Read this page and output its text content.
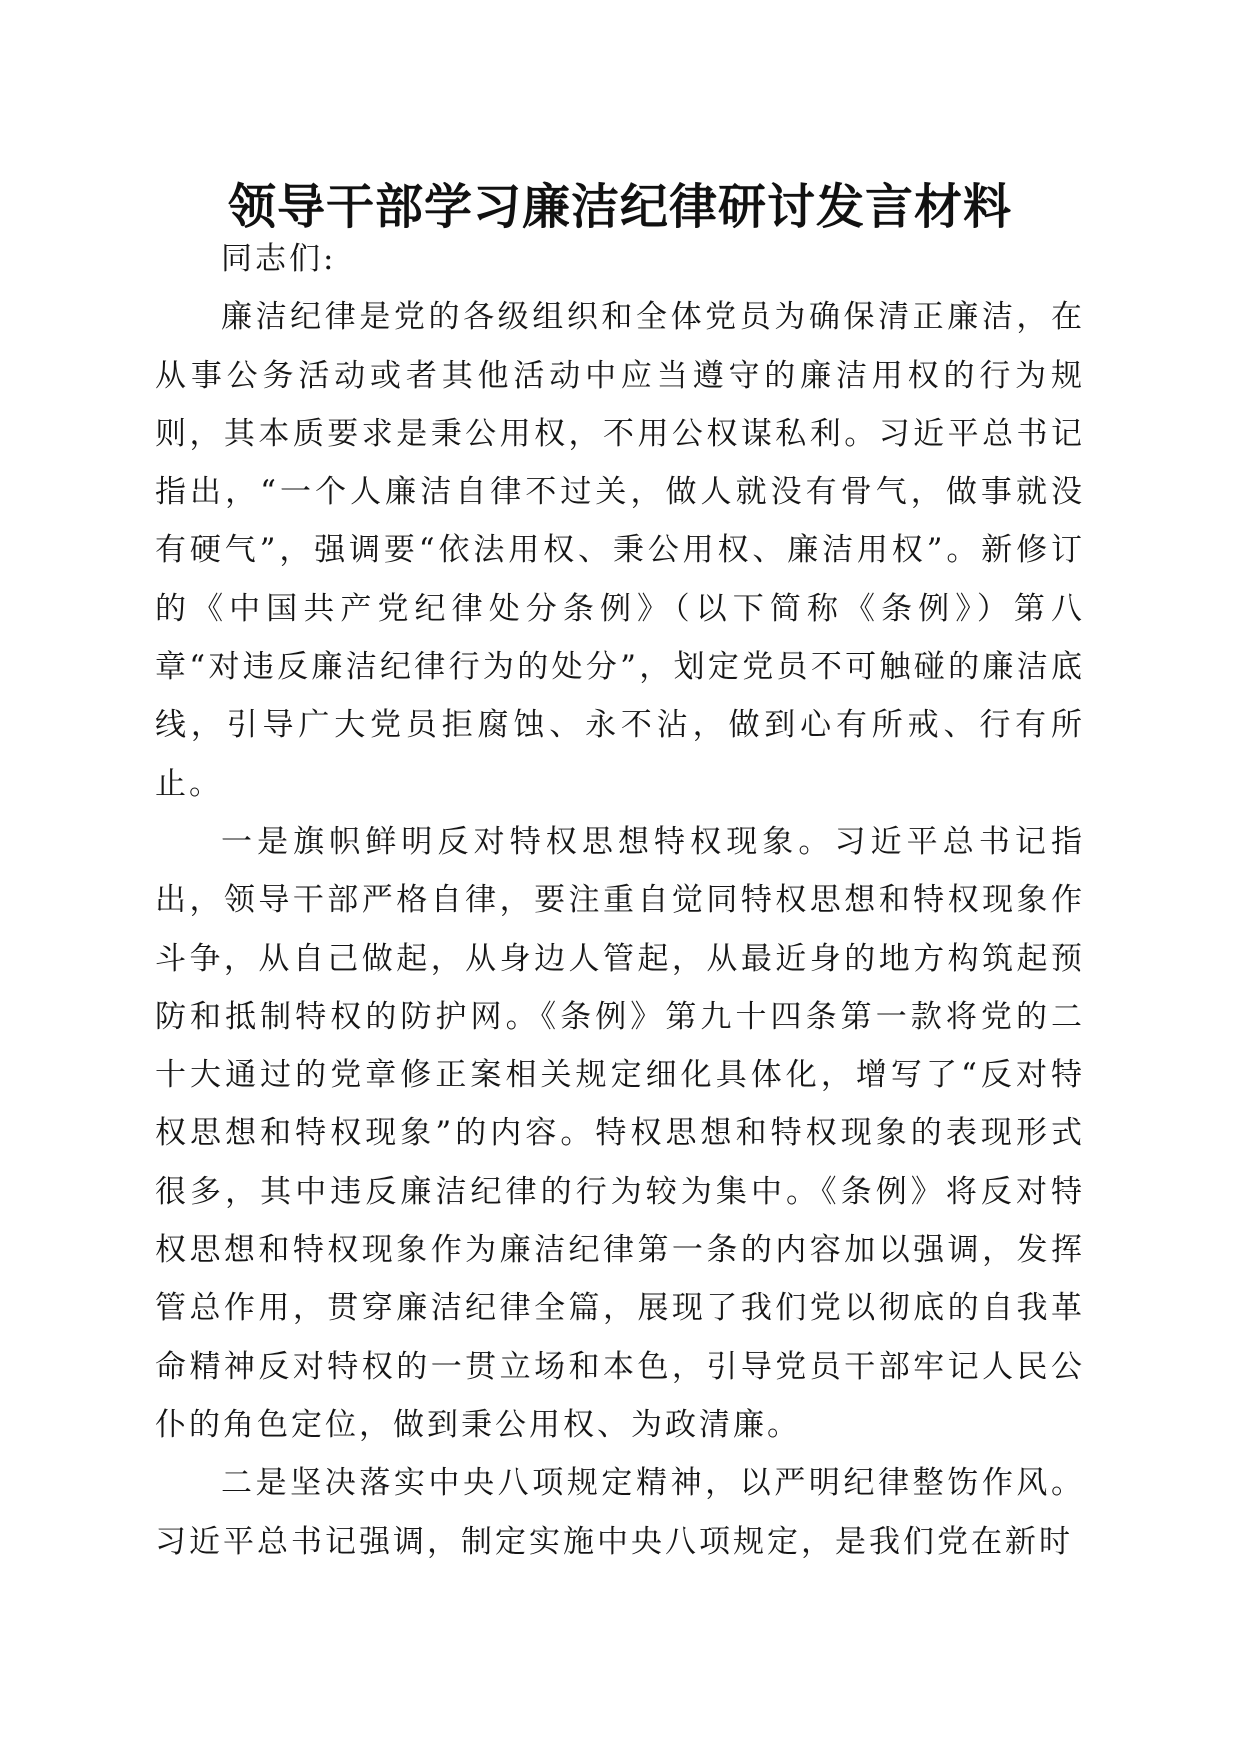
领导干部学习廉洁纪律研讨发言材料

同志们:

廉洁纪律是党的各级组织和全体党员为确保清正廉洁，在从事公务活动或者其他活动中应当遵守的廉洁用权的行为规则，其本质要求是秉公用权，不用公权谋私利。习近平总书记指出，“一个人廉洁自律不过关，做人就没有骨气，做事就没有硬气”，强调要“依法用权、秉公用权、廉洁用权”。新修订的《中国共产党纪律处分条例》（以下简称《条例》）第八章“对违反廉洁纪律行为的处分”，划定党员不可触碰的廉洁底线，引导广大党员拒腐蚀、永不沾，做到心有所戒、行有所止。

一是旗帜鲜明反对特权思想特权现象。习近平总书记指出，领导干部严格自律，要注重自觉同特权思想和特权现象作斗争，从自己做起，从身边人管起，从最近身的地方构筑起预防和抵制特权的防护网。《条例》第九十四条第一款将党的二十大通过的党章修正案相关规定细化具体化，增写了“反对特权思想和特权现象”的内容。特权思想和特权现象的表现形式很多，其中违反廉洁纪律的行为较为集中。《条例》将反对特权思想和特权现象作为廉洁纪律第一条的内容加以强调，发挥管总作用，贯穿廉洁纪律全篇，展现了我们党以彻底的自我革命精神反对特权的一贯立场和本色，引导党员干部牢记人民公仆的角色定位，做到秉公用权、为政清廉。

二是坚决落实中央八项规定精神，以严明纪律整饬作风。习近平总书记强调，制定实施中央八项规定，是我们党在新时
